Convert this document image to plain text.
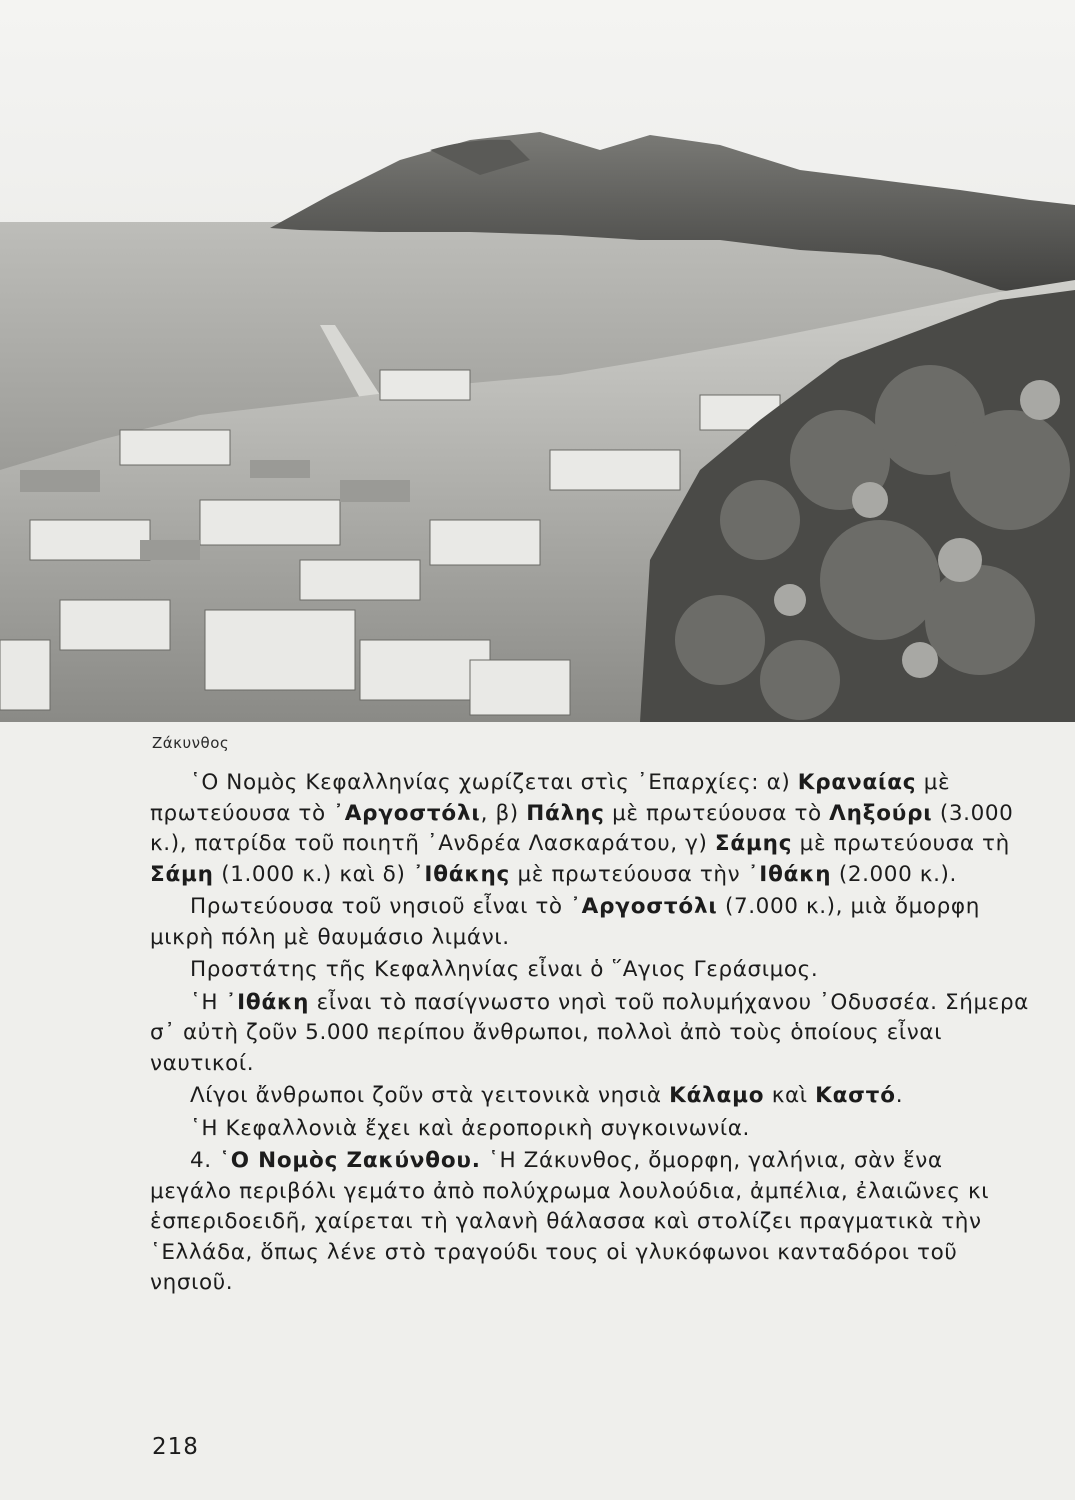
Ζάκυνθος

῾Ο Νομὸς Κεφαλληνίας χωρίζεται στὶς ᾿Επαρχίες: α) Κραναίας μὲ πρωτεύουσα τὸ ᾿Αργοστόλι, β) Πάλης μὲ πρωτεύουσα τὸ Ληξούρι (3.000 κ.), πατρίδα τοῦ ποιητῆ ᾿Ανδρέα Λασκαράτου, γ) Σάμης μὲ πρωτεύουσα τὴ Σάμη (1.000 κ.) καὶ δ) ᾿Ιθάκης μὲ πρωτεύουσα τὴν ᾿Ιθάκη (2.000 κ.).

Πρωτεύουσα τοῦ νησιοῦ εἶναι τὸ ᾿Αργοστόλι (7.000 κ.), μιὰ ὄμορφη μικρὴ πόλη μὲ θαυμάσιο λιμάνι.

Προστάτης τῆς Κεφαλληνίας εἶναι ὁ ῞Αγιος Γεράσιμος.

῾Η ᾿Ιθάκη εἶναι τὸ πασίγνωστο νησὶ τοῦ πολυμήχανου ᾿Οδυσσέα. Σήμερα σ᾿ αὐτὴ ζοῦν 5.000 περίπου ἄνθρωποι, πολλοὶ ἀπὸ τοὺς ὁποίους εἶναι ναυτικοί.

Λίγοι ἄνθρωποι ζοῦν στὰ γειτονικὰ νησιὰ Κάλαμο καὶ Καστό.

῾Η Κεφαλλονιὰ ἔχει καὶ ἀεροπορικὴ συγκοινωνία.

4. ῾Ο Νομὸς Ζακύνθου. ῾Η Ζάκυνθος, ὄμορφη, γαλήνια, σὰν ἕνα μεγάλο περιβόλι γεμάτο ἀπὸ πολύχρωμα λουλούδια, ἀμπέλια, ἐλαιῶνες κι ἑσπεριδοειδῆ, χαίρεται τὴ γαλανὴ θάλασσα καὶ στολίζει πραγματικὰ τὴν ῾Ελλάδα, ὅπως λένε στὸ τραγούδι τους οἱ γλυκόφωνοι κανταδόροι τοῦ νησιοῦ.

218
